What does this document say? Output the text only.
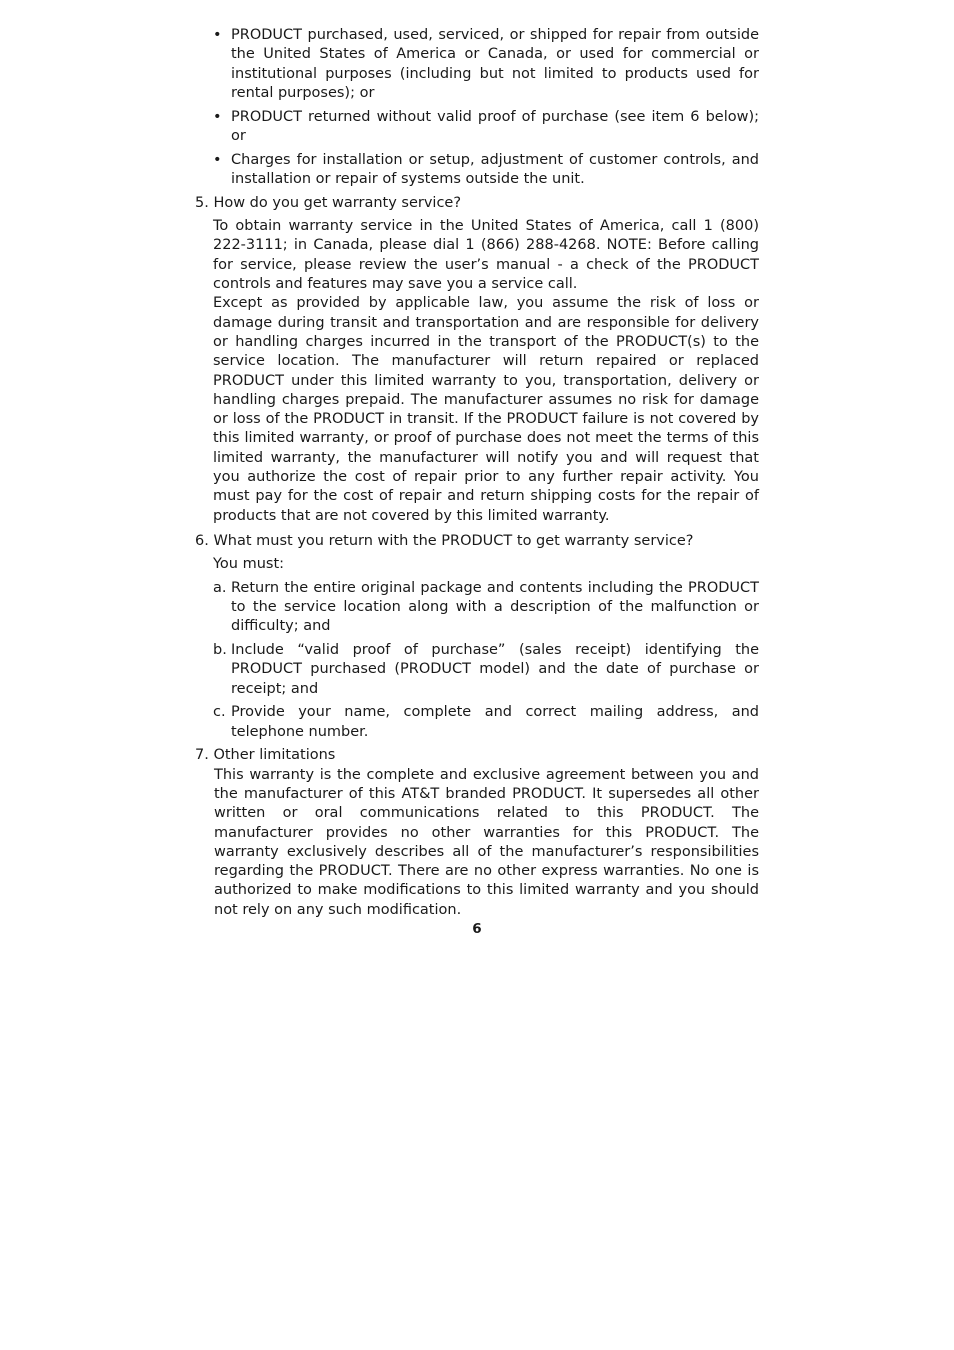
• PRODUCT purchased, used, serviced, or shipped for repair from outside the United States of America or Canada, or used for commercial or institutional purposes (including but not limited to products used for rental purposes); or
• PRODUCT returned without valid proof of purchase (see item 6 below); or
• Charges for installation or setup, adjustment of customer controls, and installation or repair of systems outside the unit.
5. How do you get warranty service?

To obtain warranty service in the United States of America, call 1 (800) 222-3111; in Canada, please dial 1 (866) 288-4268. NOTE: Before calling for service, please review the user’s manual - a check of the PRODUCT controls and features may save you a service call.

Except as provided by applicable law, you assume the risk of loss or damage during transit and transportation and are responsible for delivery or handling charges incurred in the transport of the PRODUCT(s) to the service location. The manufacturer will return repaired or replaced PRODUCT under this limited warranty to you, transportation, delivery or handling charges prepaid. The manufacturer assumes no risk for damage or loss of the PRODUCT in transit. If the PRODUCT failure is not covered by this limited warranty, or proof of purchase does not meet the terms of this limited warranty, the manufacturer will notify you and will request that you authorize the cost of repair prior to any further repair activity. You must pay for the cost of repair and return shipping costs for the repair of products that are not covered by this limited warranty.

6. What must you return with the PRODUCT to get warranty service?
You must:
a. Return the entire original package and contents including the PRODUCT to the service location along with a description of the malfunction or difficulty; and
b. Include “valid proof of purchase” (sales receipt) identifying the PRODUCT purchased (PRODUCT model) and the date of purchase or receipt; and
c. Provide your name, complete and correct mailing address, and telephone number.
7. Other limitations
This warranty is the complete and exclusive agreement between you and the manufacturer of this AT&T branded PRODUCT. It supersedes all other written or oral communications related to this PRODUCT. The manufacturer provides no other warranties for this PRODUCT. The warranty exclusively describes all of the manufacturer’s responsibilities regarding the PRODUCT. There are no other express warranties. No one is authorized to make modifications to this limited warranty and you should not rely on any such modification.
6
